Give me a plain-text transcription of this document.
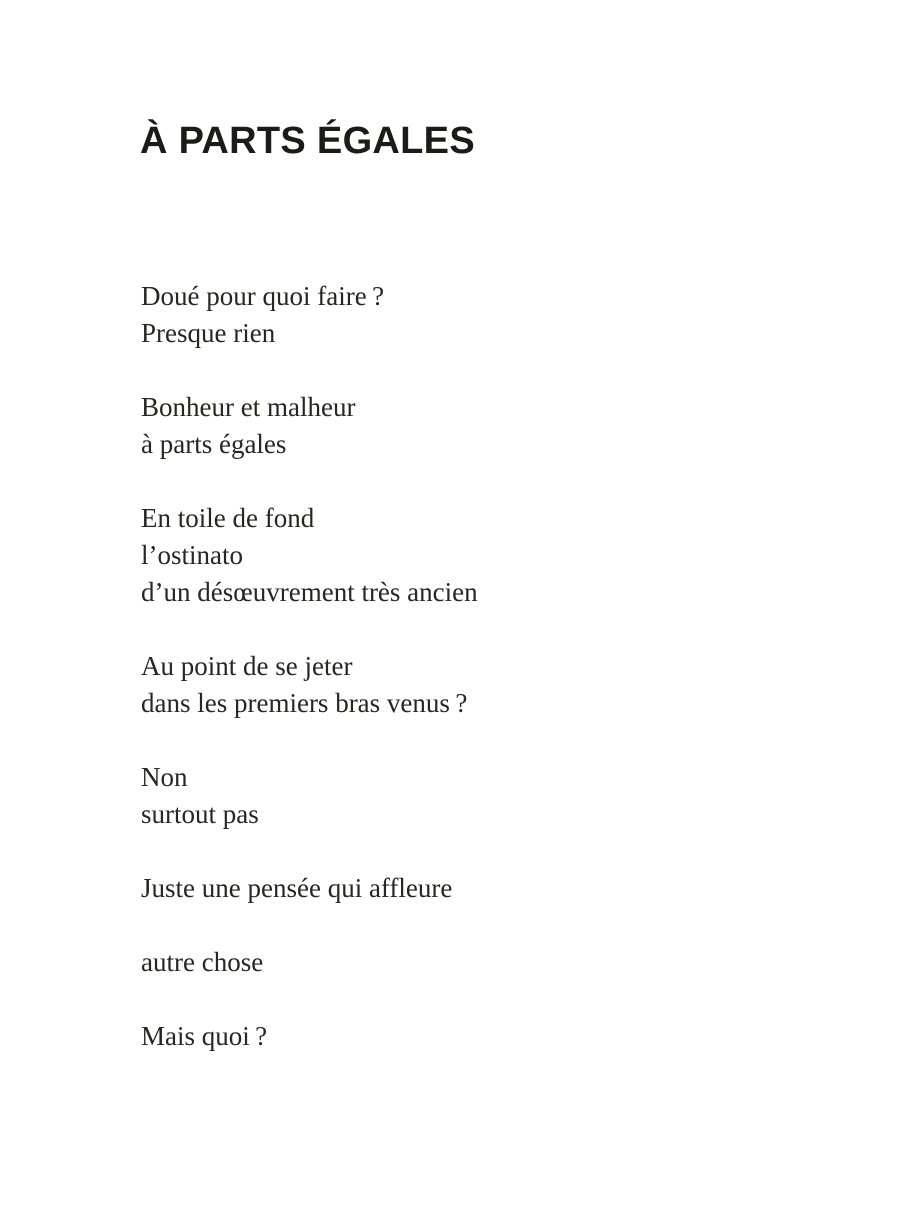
À PARTS ÉGALES

Doué pour quoi faire ?

Presque rien

Bonheur et malheur

à parts égales

En toile de fond

l’ostinato

d’un désœuvrement très ancien

Au point de se jeter

dans les premiers bras venus ?

Non

surtout pas

Juste une pensée qui affleure

autre chose

Mais quoi ?
